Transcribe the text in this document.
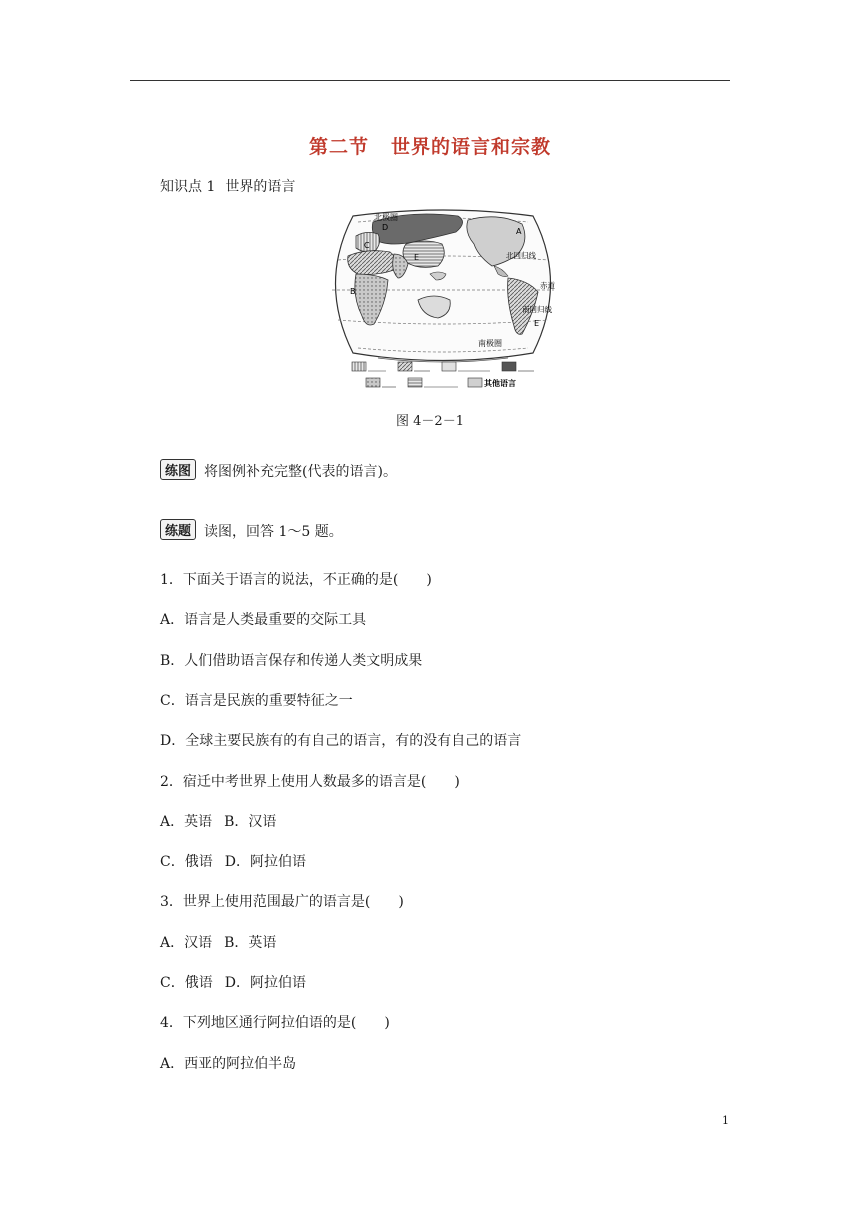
第二节 世界的语言和宗教
知识点 1 世界的语言
北极圈
北回归线
赤道
南回归线
南极圈
A
B
C
D
E
E
其他语言
图 4－2－1
练图 将图例补充完整(代表的语言)。
练题 读图，回答 1～5 题。
1．下面关于语言的说法，不正确的是(　　)
A．语言是人类最重要的交际工具
B．人们借助语言保存和传递人类文明成果
C．语言是民族的重要特征之一
D．全球主要民族有的有自己的语言，有的没有自己的语言
2．宿迁中考世界上使用人数最多的语言是(　　)
A．英语 B．汉语
C．俄语 D．阿拉伯语
3．世界上使用范围最广的语言是(　　)
A．汉语 B．英语
C．俄语 D．阿拉伯语
4．下列地区通行阿拉伯语的是(　　)
A．西亚的阿拉伯半岛
1
